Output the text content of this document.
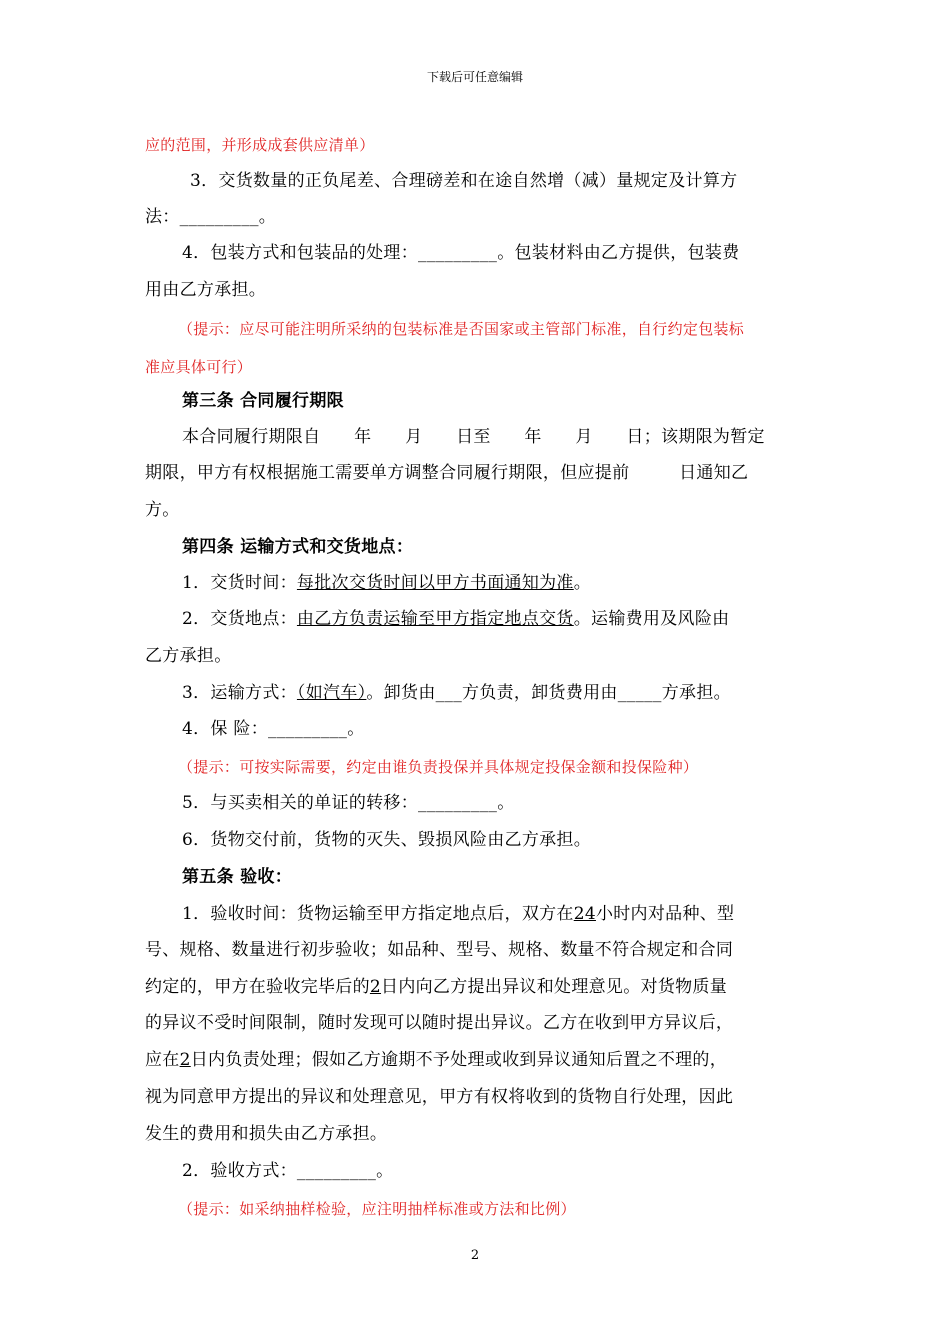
下载后可任意编辑
应的范围，并形成成套供应清单）
3．交货数量的正负尾差、合理磅差和在途自然增（减）量规定及计算方
法：_________。
4．包装方式和包装品的处理：_________。包装材料由乙方提供，包装费
用由乙方承担。
（提示：应尽可能注明所采纳的包装标准是否国家或主管部门标准，自行约定包装标
准应具体可行）
第三条 合同履行期限
本合同履行期限自 年 月 日至 年 月 日；该期限为暂定
期限，甲方有权根据施工需要单方调整合同履行期限，但应提前 日通知乙
方。
第四条 运输方式和交货地点：
1．交货时间：每批次交货时间以甲方书面通知为准。
2．交货地点：由乙方负责运输至甲方指定地点交货。运输费用及风险由
乙方承担。
3．运输方式：（如汽车）。卸货由___方负责，卸货费用由_____方承担。
4．保 险：_________。
（提示：可按实际需要，约定由谁负责投保并具体规定投保金额和投保险种）
5．与买卖相关的单证的转移：_________。
6．货物交付前，货物的灭失、毁损风险由乙方承担。
第五条 验收：
1．验收时间：货物运输至甲方指定地点后，双方在24小时内对品种、型
号、规格、数量进行初步验收；如品种、型号、规格、数量不符合规定和合同
约定的，甲方在验收完毕后的2日内向乙方提出异议和处理意见。对货物质量
的异议不受时间限制，随时发现可以随时提出异议。乙方在收到甲方异议后，
应在2日内负责处理；假如乙方逾期不予处理或收到异议通知后置之不理的，
视为同意甲方提出的异议和处理意见，甲方有权将收到的货物自行处理，因此
发生的费用和损失由乙方承担。
2．验收方式：_________。
（提示：如采纳抽样检验，应注明抽样标准或方法和比例）
2
